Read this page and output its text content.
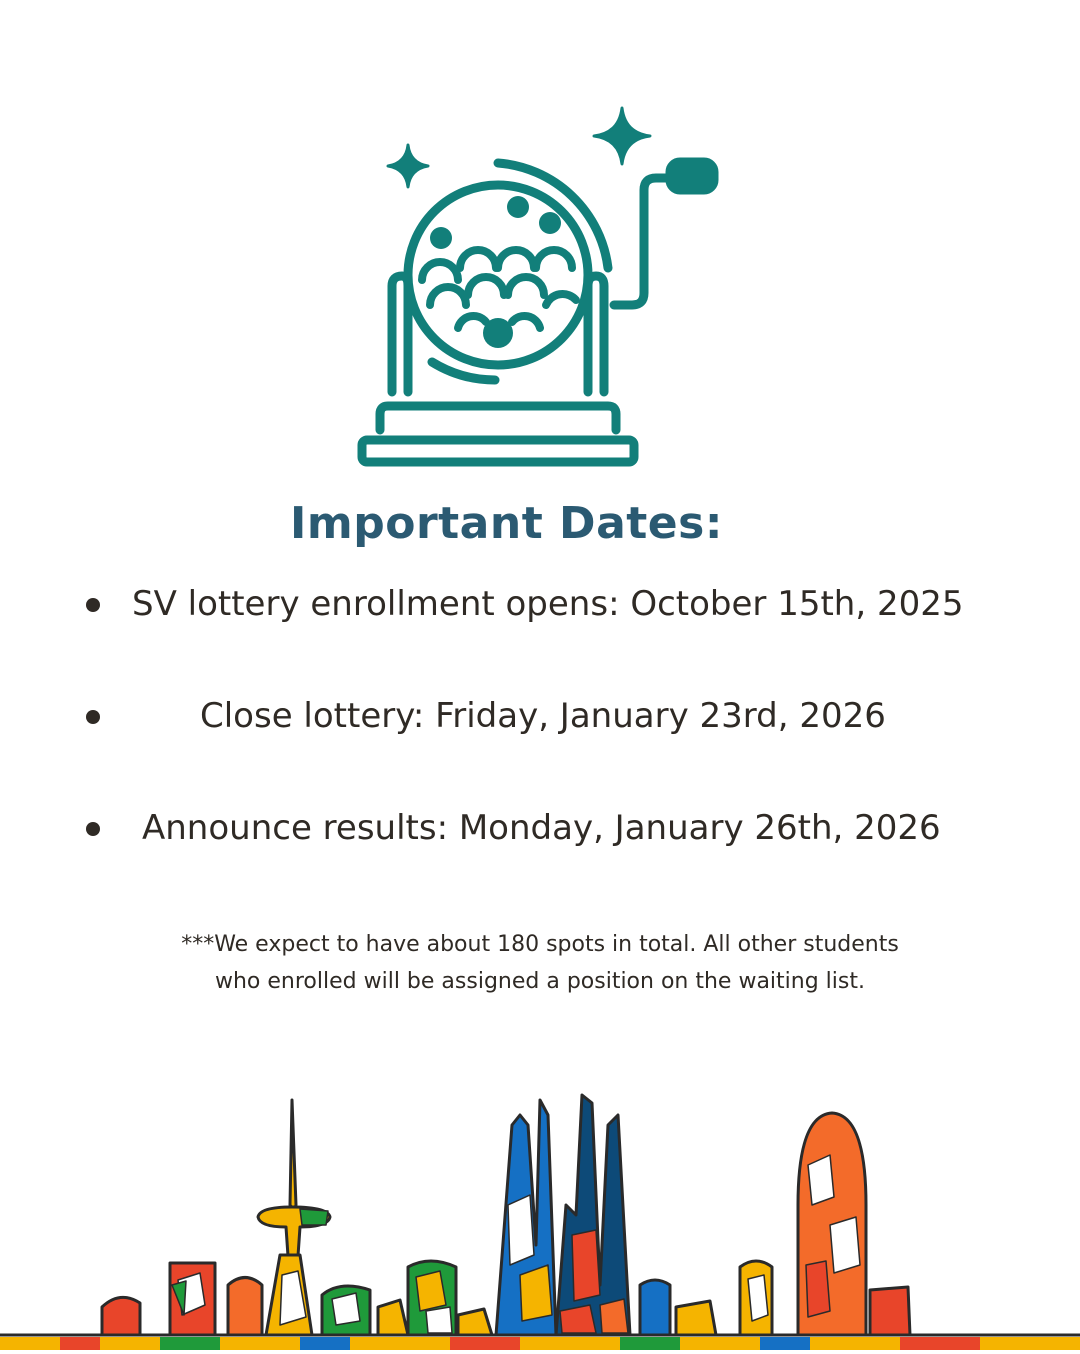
Important Dates:
SV lottery enrollment opens: October 15th, 2025
Close lottery: Friday, January 23rd, 2026
Announce results: Monday, January 26th, 2026

***We expect to have about 180 spots in total. All other students
who enrolled will be assigned a position on the waiting list.
